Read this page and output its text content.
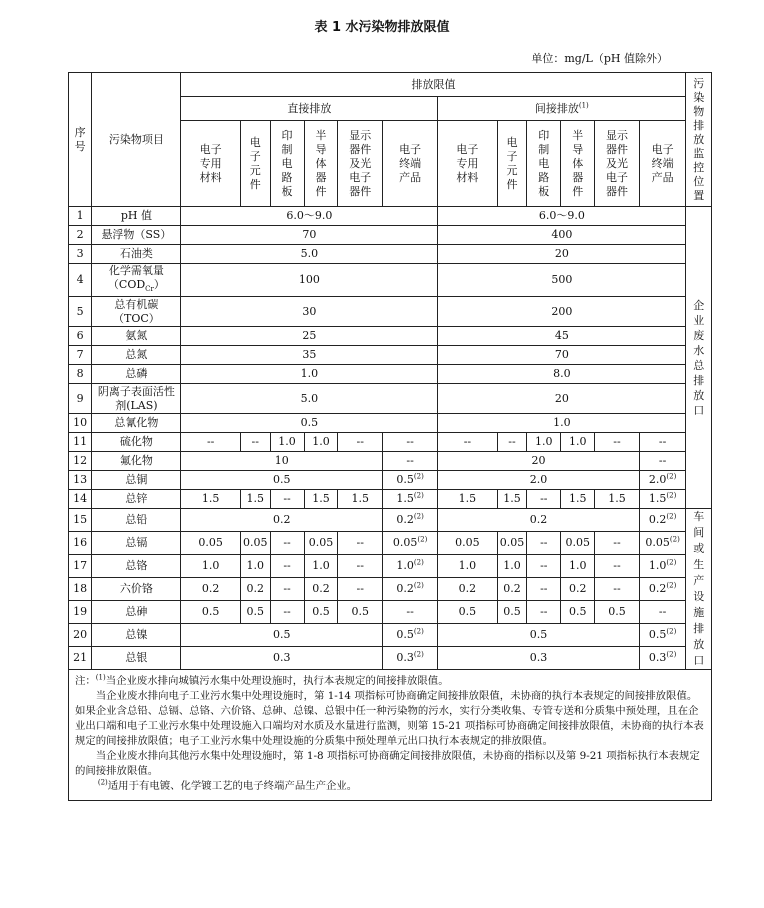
表 1 水污染物排放限值
单位：mg/L（pH 值除外）
序号	污染物项目	排放限值												污染物排放监控位置

		直接排放						间接排放$^{(1)}$

		电子专用材料	电子元件	印制电路板	半导体器件	显示器件及光电子器件	电子终端产品	电子专用材料	电子元件	印制电路板	半导体器件	显示器件及光电子器件	电子终端产品	

1	pH 值	6.0～9.0						6.0～9.0						企业废水总排放口

2	悬浮物（SS）	70						400						
3	石油类	5.0						20						
4	化学需氧量$(COD_{Cr})$	100						500						
5	总有机碳（TOC）	30						200						
6	氨氮	25						45						
7	总氮	35						70						
8	总磷	1.0						8.0						
9	阴离子表面活性剂(LAS)	5.0						20						
10	总氰化物	0.5						1.0						
11	硫化物	--	--	1.0	1.0	--	--	--	--	1.0	1.0	--	--	
12	氟化物	10					--	20					--	
13	总铜	0.5					0.5$^{(2)}$	2.0					2.0$^{(2)}$
14	总锌	1.5	1.5	--	1.5	1.5	1.5$^{(2)}$	1.5	1.5	--	1.5	1.5	1.5$^{(2)}$
15	总铅	0.2					0.2$^{(2)}$	0.2					0.2$^{(2)}$	车间或生产设施排放口

16	总镉	0.05	0.05	--	0.05	--	0.05$^{(2)}$	0.05	0.05	--	0.05	--	0.05$^{(2)}$
17	总铬	1.0	1.0	--	1.0	--	1.0$^{(2)}$	1.0	1.0	--	1.0	--	1.0$^{(2)}$
18	六价铬	0.2	0.2	--	0.2	--	0.2$^{(2)}$	0.2	0.2	--	0.2	--	0.2$^{(2)}$
19	总砷	0.5	0.5	--	0.5	0.5	--	0.5	0.5	--	0.5	0.5	--	
20	总镍	0.5					0.5$^{(2)}$	0.5					0.5$^{(2)}$
21	总银	0.3					0.3$^{(2)}$	0.3					0.3$^{(2)}$

注：$^{(1)}$当企业废水排向城镇污水集中处理设施时，执行本表规定的间接排放限值。

当企业废水排向电子工业污水集中处理设施时，第 1-14 项指标可协商确定间接排放限值，未协商的执行本表规定的间接排放限值。如果企业含总铅、总镉、总铬、六价铬、总砷、总镍、总银中任一种污染物的污水，实行分类收集、专管专送和分质集中预处理，且在企业出口端和电子工业污水集中处理设施入口端均对水质及水量进行监测，则第 15-21 项指标可协商确定间接排放限值，未协商的执行本表规定的间接排放限值；电子工业污水集中处理设施的分质集中预处理单元出口执行本表规定的排放限值。

当企业废水排向其他污水集中处理设施时，第 1-8 项指标可协商确定间接排放限值，未协商的指标以及第 9-21 项指标执行本表规定的间接排放限值。

$^{(2)}$适用于有电镀、化学镀工艺的电子终端产品生产企业。														
